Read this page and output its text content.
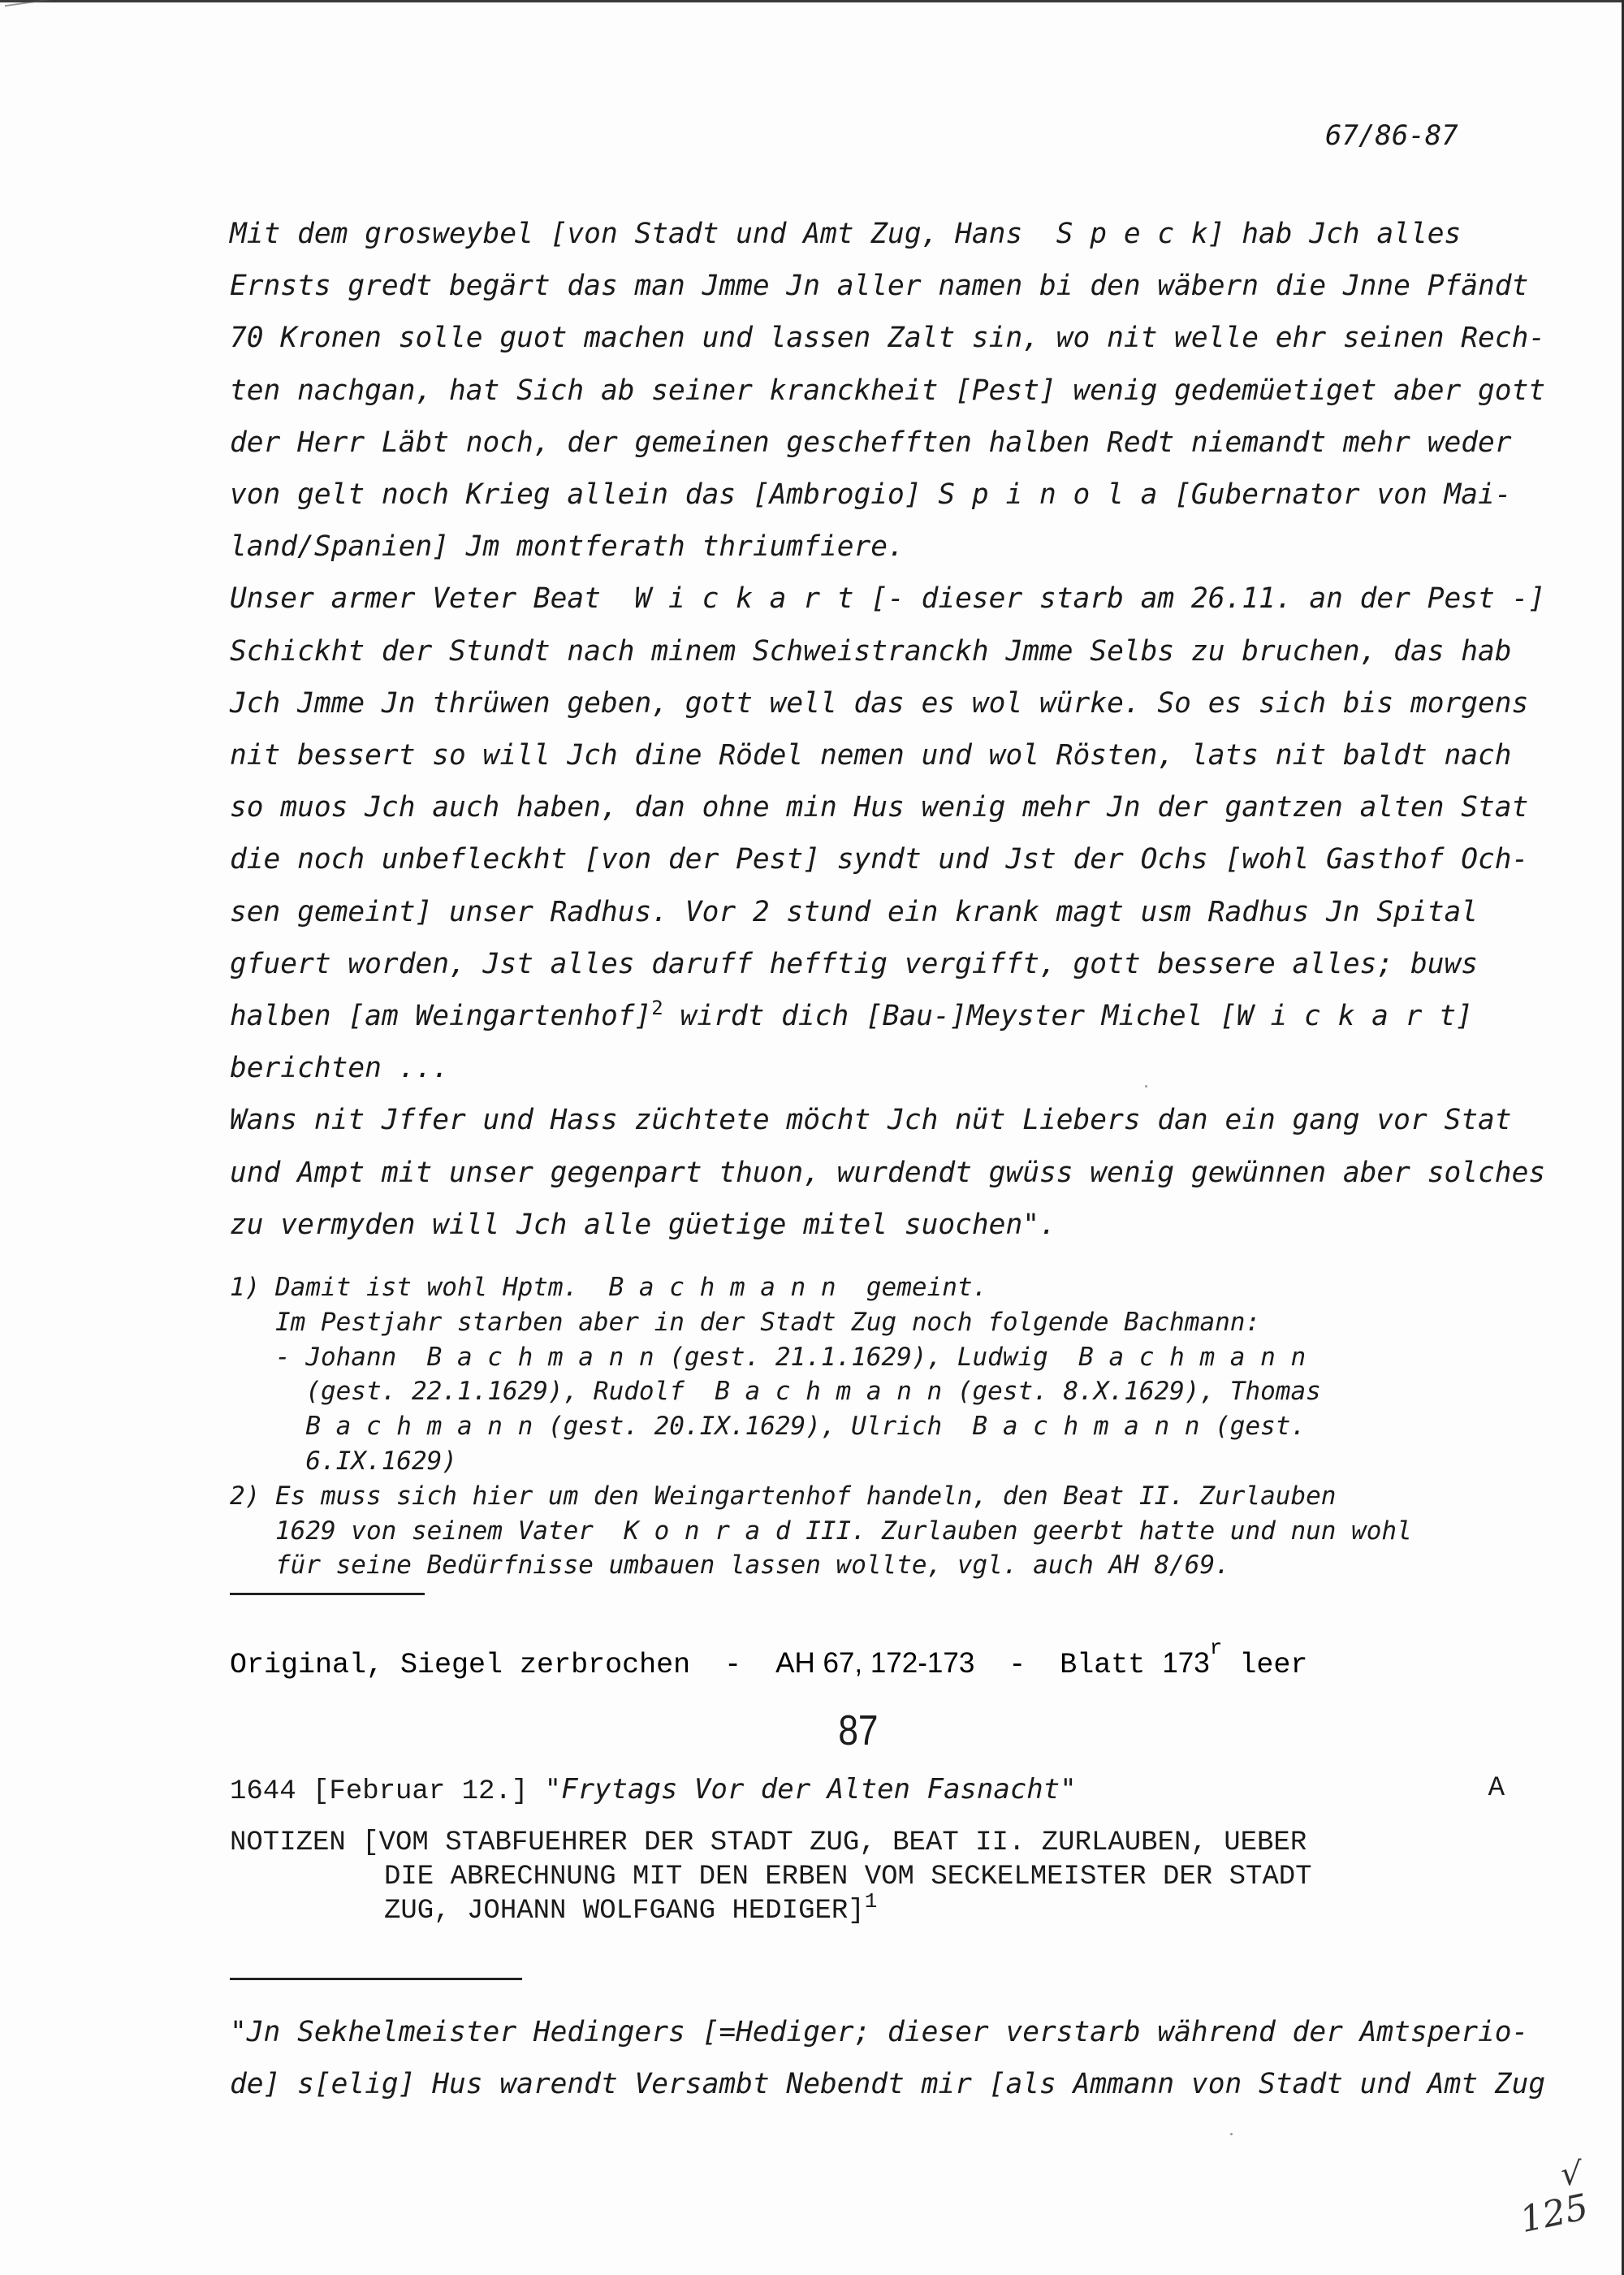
67/86-87
Mit dem grosweybel [von Stadt und Amt Zug, Hans  S p e c k] hab Jch alles
Ernsts gredt begärt das man Jmme Jn aller namen bi den wäbern die Jnne Pfändt
70 Kronen solle guot machen und lassen Zalt sin, wo nit welle ehr seinen Rech-
ten nachgan, hat Sich ab seiner kranckheit [Pest] wenig gedemüetiget aber gott
der Herr Läbt noch, der gemeinen geschefften halben Redt niemandt mehr weder
von gelt noch Krieg allein das [Ambrogio] S p i n o l a [Gubernator von Mai-
land/Spanien] Jm montferath thriumfiere.
Unser armer Veter Beat  W i c k a r t [- dieser starb am 26.11. an der Pest -]
Schickht der Stundt nach minem Schweistranckh Jmme Selbs zu bruchen, das hab
Jch Jmme Jn thrüwen geben, gott well das es wol würke. So es sich bis morgens
nit bessert so will Jch dine Rödel nemen und wol Rösten, lats nit baldt nach
so muos Jch auch haben, dan ohne min Hus wenig mehr Jn der gantzen alten Stat
die noch unbefleckht [von der Pest] syndt und Jst der Ochs [wohl Gasthof Och-
sen gemeint] unser Radhus. Vor 2 stund ein krank magt usm Radhus Jn Spital
gfuert worden, Jst alles daruff hefftig vergifft, gott bessere alles; buws
halben [am Weingartenhof]$^2$ wirdt dich [Bau-]Meyster Michel [W i c k a r t]
berichten ...
Wans nit Jffer und Hass züchtete möcht Jch nüt Liebers dan ein gang vor Stat
und Ampt mit unser gegenpart thuon, wurdendt gwüss wenig gewünnen aber solches
zu vermyden will Jch alle güetige mitel suochen".
1) Damit ist wohl Hptm.  B a c h m a n n  gemeint.
Im Pestjahr starben aber in der Stadt Zug noch folgende Bachmann:
- Johann  B a c h m a n n (gest. 21.1.1629), Ludwig  B a c h m a n n
(gest. 22.1.1629), Rudolf  B a c h m a n n (gest. 8.X.1629), Thomas
B a c h m a n n (gest. 20.IX.1629), Ulrich  B a c h m a n n (gest.
6.IX.1629)
2) Es muss sich hier um den Weingartenhof handeln, den Beat II. Zurlauben
1629 von seinem Vater  K o n r a d III. Zurlauben geerbt hatte und nun wohl
für seine Bedürfnisse umbauen lassen wollte, vgl. auch AH 8/69.
Original, Siegel zerbrochen  -  AH 67, 172-173  -  Blatt 173$^r$ leer
87
1644 [Februar 12.] "Frytags Vor der Alten Fasnacht"	A
NOTIZEN [VOM STABFUEHRER DER STADT ZUG, BEAT II. ZURLAUBEN, UEBER
DIE ABRECHNUNG MIT DEN ERBEN VOM SECKELMEISTER DER STADT
ZUG, JOHANN WOLFGANG HEDIGER]$^1$
"Jn Sekhelmeister Hedingers [=Hediger; dieser verstarb während der Amtsperio-
de] s[elig] Hus warendt Versambt Nebendt mir [als Ammann von Stadt und Amt Zug
√
125
